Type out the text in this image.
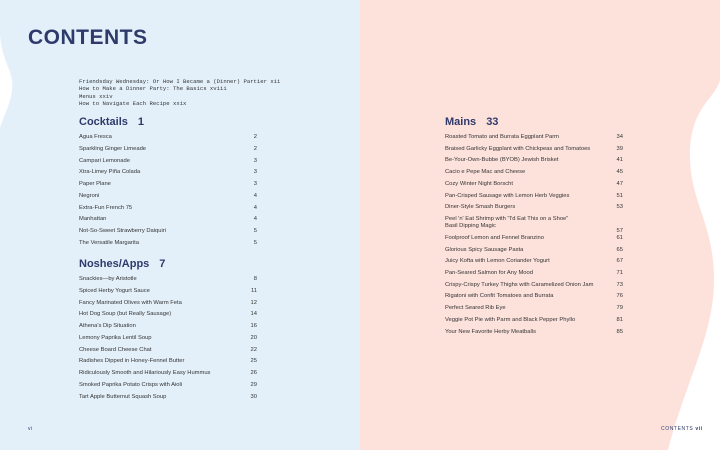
CONTENTS
Friendsday Wednesday: Or How I Became a (Dinner) Partier xii
How to Make a Dinner Party: The Basics xviii
Menus xxiv
How to Navigate Each Recipe xxix
Cocktails 1
Agua Fresca	2
Sparkling Ginger Limeade	2
Campari Lemonade	3
Xtra-Limey Piña Colada	3
Paper Plane	3
Negroni	4
Extra-Fun French 75	4
Manhattan	4
Not-So-Sweet Strawberry Daiquiri	5
The Versatile Margarita	5
Noshes/Apps 7
Snackies—by Aristotle	8
Spiced Herby Yogurt Sauce	11
Fancy Marinated Olives with Warm Feta	12
Hot Dog Soup (but Really Sausage)	14
Athena's Dip Situation	16
Lemony Paprika Lentil Soup	20
Cheese Board Cheese Chat	22
Radishes Dipped in Honey-Fennel Butter	25
Ridiculously Smooth and Hilariously Easy Hummus	26
Smoked Paprika Potato Crisps with Aioli	29
Tart Apple Butternut Squash Soup	30
vi
Mains 33
Roasted Tomato and Burrata Eggplant Parm	34
Braised Garlicky Eggplant with Chickpeas and Tomatoes	39
Be-Your-Own-Bubbe (BYOB) Jewish Brisket	41
Cacio e Pepe Mac and Cheese	45
Cozy Winter Night Borscht	47
Pan-Crisped Sausage with Lemon Herb Veggies	51
Diner-Style Smash Burgers	53
Peel 'n' Eat Shrimp with "I'd Eat This on a Shoe" Basil Dipping Magic
57
Foolproof Lemon and Fennel Branzino	61
Glorious Spicy Sausage Pasta	65
Juicy Kofta with Lemon Coriander Yogurt	67
Pan-Seared Salmon for Any Mood	71
Crispy-Crispy Turkey Thighs with Caramelized Onion Jam	73
Rigatoni with Confit Tomatoes and Burrata	76
Perfect Seared Rib Eye	79
Veggie Pot Pie with Parm and Black Pepper Phyllo	81
Your New Favorite Herby Meatballs	85
CONTENTS vii
